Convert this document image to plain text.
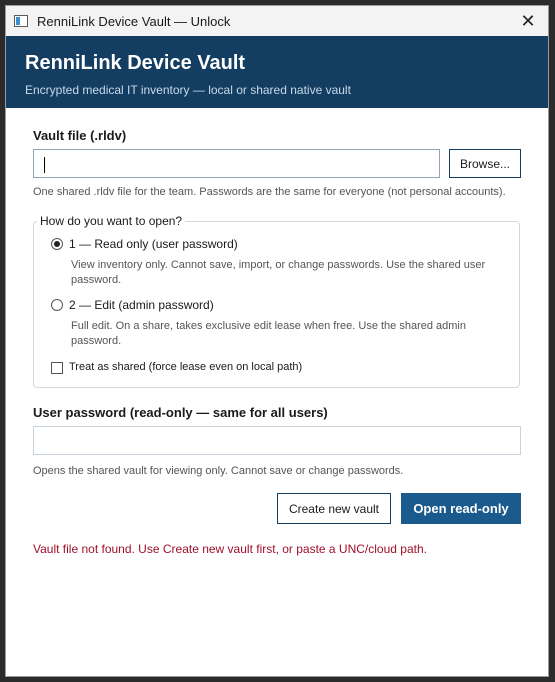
RenniLink Device Vault — Unlock	✕
RenniLink Device Vault
Encrypted medical IT inventory — local or shared native vault
Vault file (.rldv)
Browse...
One shared .rldv file for the team. Passwords are the same for everyone (not personal accounts).
How do you want to open?
1 — Read only (user password)
View inventory only. Cannot save, import, or change passwords. Use the shared user password.
2 — Edit (admin password)
Full edit. On a share, takes exclusive edit lease when free. Use the shared admin password.
Treat as shared (force lease even on local path)
User password (read-only — same for all users)
Opens the shared vault for viewing only. Cannot save or change passwords.
Create new vault	Open read-only
Vault file not found. Use Create new vault first, or paste a UNC/cloud path.
